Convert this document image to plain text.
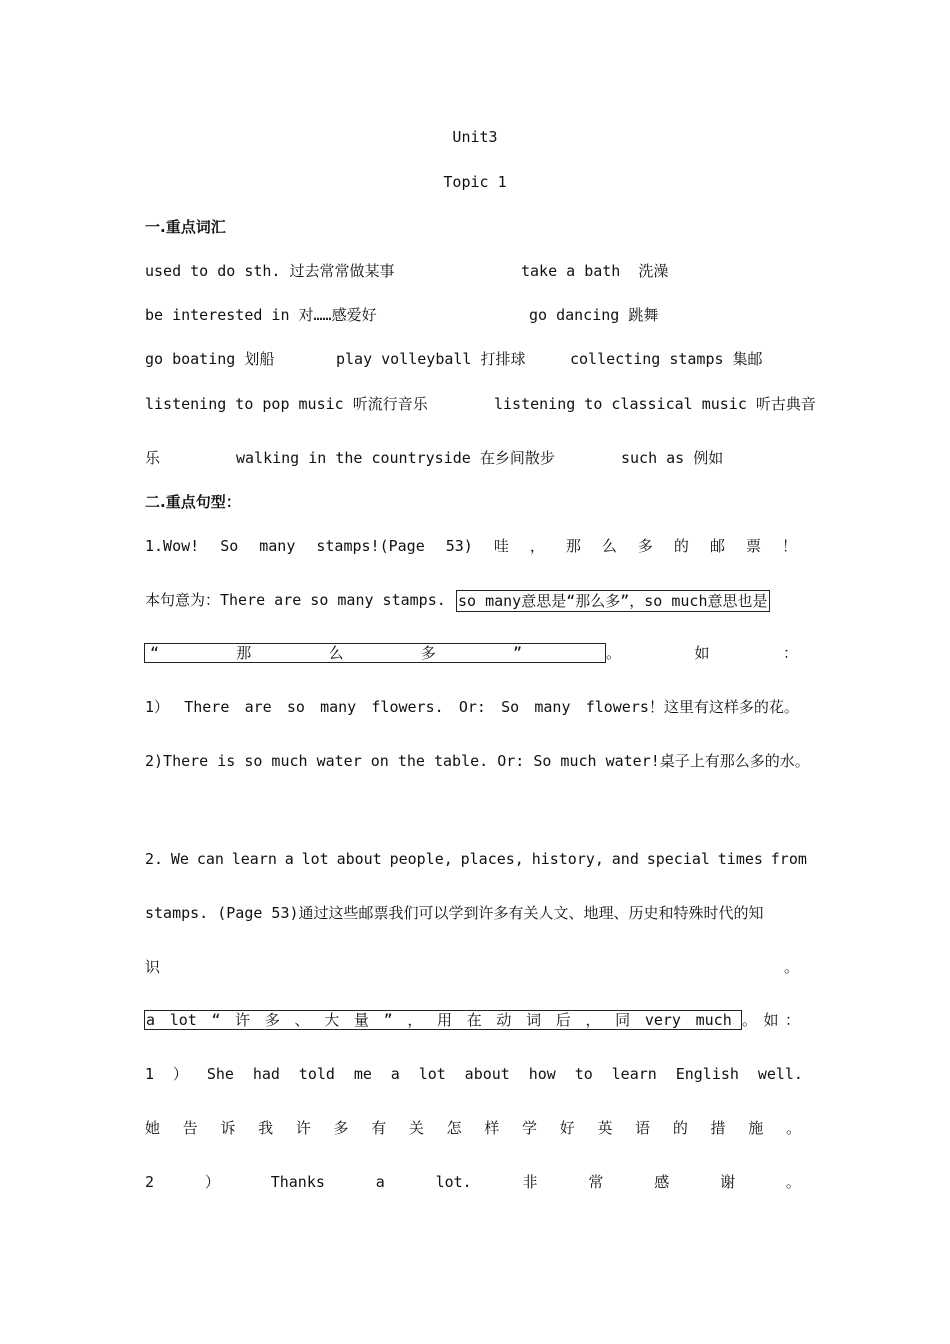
Unit3
Topic 1
一.重点词汇
used to do sth. 过去常常做某事	take a bath  洗澡
be interested in 对……感爱好	go dancing 跳舞
go boating 划船	play volleyball 打排球	collecting stamps 集邮
listening to pop music 听流行音乐	listening to classical music 听古典音
乐	walking in the countryside 在乡间散步	such as 例如
二.重点句型：
1.Wow! So many stamps!(Page 53) 哇 ， 那 么 多 的 邮 票 ！
本句意为：There are so many stamps. so many意思是“那么多”，so much意思也是
“	那	么	多	”	。	如	：
1） There are so many flowers. Or: So many flowers！这里有这样多的花。
2)There is so much water on the table. Or: So much water!桌子上有那么多的水。
2. We can learn a lot about people, places, history, and special times from
stamps. (Page 53)通过这些邮票我们可以学到许多有关人文、地理、历史和特殊时代的知
识	。
a lot “ 许 多 、 大 量 ” ， 用 在 动 词 后 ， 同 very much 。 如 ：
1 ） She had told me a lot about how to learn English well.
她 告 诉 我 许 多 有 关 怎 样 学 好 英 语 的 措 施 。
2	）	Thanks	a	lot.	非	常	感	谢	。
